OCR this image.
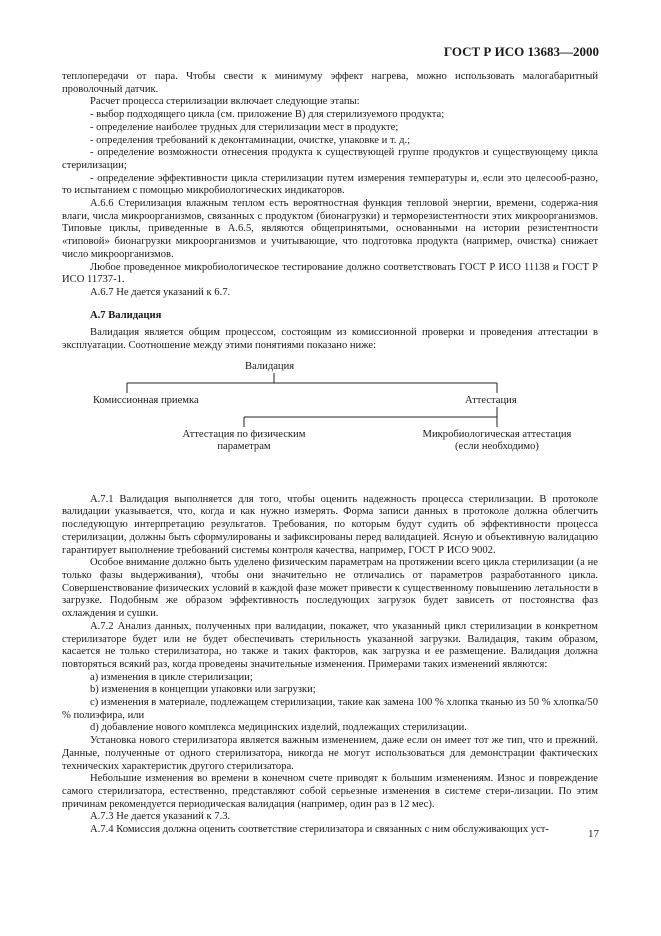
ГОСТ Р ИСО 13683—2000

теплопередачи от пара. Чтобы свести к минимуму эффект нагрева, можно использовать малогабаритный проволочный датчик.

Расчет процесса стерилизации включает следующие этапы:

- выбор подходящего цикла (см. приложение В) для стерилизуемого продукта;

- определение наиболее трудных для стерилизации мест в продукте;

- определения требований к деконтаминации, очистке, упаковке и т. д.;

- определение возможности отнесения продукта к существующей группе продуктов и существующему цикла стерилизации;

- определение эффективности цикла стерилизации путем измерения температуры и, если это целесооб-разно, то испытанием с помощью микробиологических индикаторов.

А.6.6 Стерилизация влажным теплом есть вероятностная функция тепловой энергии, времени, содержа-ния влаги, числа микроорганизмов, связанных с продуктом (бионагрузки) и терморезистентности этих микроорганизмов. Типовые циклы, приведенные в А.6.5, являются общепринятыми, основанными на истории резистентности «типовой» бионагрузки микроорганизмов и учитывающие, что подготовка продукта (например, очистка) снижает число микроорганизмов.

Любое проведенное микробиологическое тестирование должно соответствовать ГОСТ Р ИСО 11138 и ГОСТ Р ИСО 11737-1.

А.6.7 Не дается указаний к 6.7.

А.7 Валидация

Валидация является общим процессом, состоящим из комиссионной проверки и проведения аттестации в эксплуатации. Соотношение между этими понятиями показано ниже:

Валидация
Комиссионная приемка	Аттестация
Аттестация по физическим параметрам
Микробиологическая аттестация
(если необходимо)

А.7.1 Валидация выполняется для того, чтобы оценить надежность процесса стерилизации. В протоколе валидации указывается, что, когда и как нужно измерять. Форма записи данных в протоколе должна облегчить последующую интерпретацию результатов. Требования, по которым будут судить об эффективности процесса стерилизации, должны быть сформулированы и зафиксированы перед валидацией. Ясную и объективную валидацию гарантирует выполнение требований системы контроля качества, например, ГОСТ Р ИСО 9002.

Особое внимание должно быть уделено физическим параметрам на протяжении всего цикла стерилизации (а не только фазы выдерживания), чтобы они значительно не отличались от параметров разработанного цикла. Совершенствование физических условий в каждой фазе может привести к существенному повышению летальности в загрузке. Подобным же образом эффективность последующих загрузок будет зависеть от постоянства фаз охлаждения и сушки.

А.7.2 Анализ данных, полученных при валидации, покажет, что указанный цикл стерилизации в конкретном стерилизаторе будет или не будет обеспечивать стерильность указанной загрузки. Валидация, таким образом, касается не только стерилизатора, но также и таких факторов, как загрузка и ее размещение. Валидация должна повторяться всякий раз, когда проведены значительные изменения. Примерами таких изменений являются:

a) изменения в цикле стерилизации;

b) изменения в концепции упаковки или загрузки;

c) изменения в материале, подлежащем стерилизации, такие как замена 100 % хлопка тканью из 50 % хлопка/50 % полиэфира, или

d) добавление нового комплекса медицинских изделий, подлежащих стерилизации.

Установка нового стерилизатора является важным изменением, даже если он имеет тот же тип, что и прежний. Данные, полученные от одного стерилизатора, никогда не могут использоваться для демонстрации фактических технических характеристик другого стерилизатора.

Небольшие изменения во времени в конечном счете приводят к большим изменениям. Износ и повреждение самого стерилизатора, естественно, представляют собой серьезные изменения в системе стери-лизации. По этим причинам рекомендуется периодическая валидация (например, один раз в 12 мес).

А.7.3 Не дается указаний к 7.3.

А.7.4 Комиссия должна оценить соответствие стерилизатора и связанных с ним обслуживающих уст-	17
